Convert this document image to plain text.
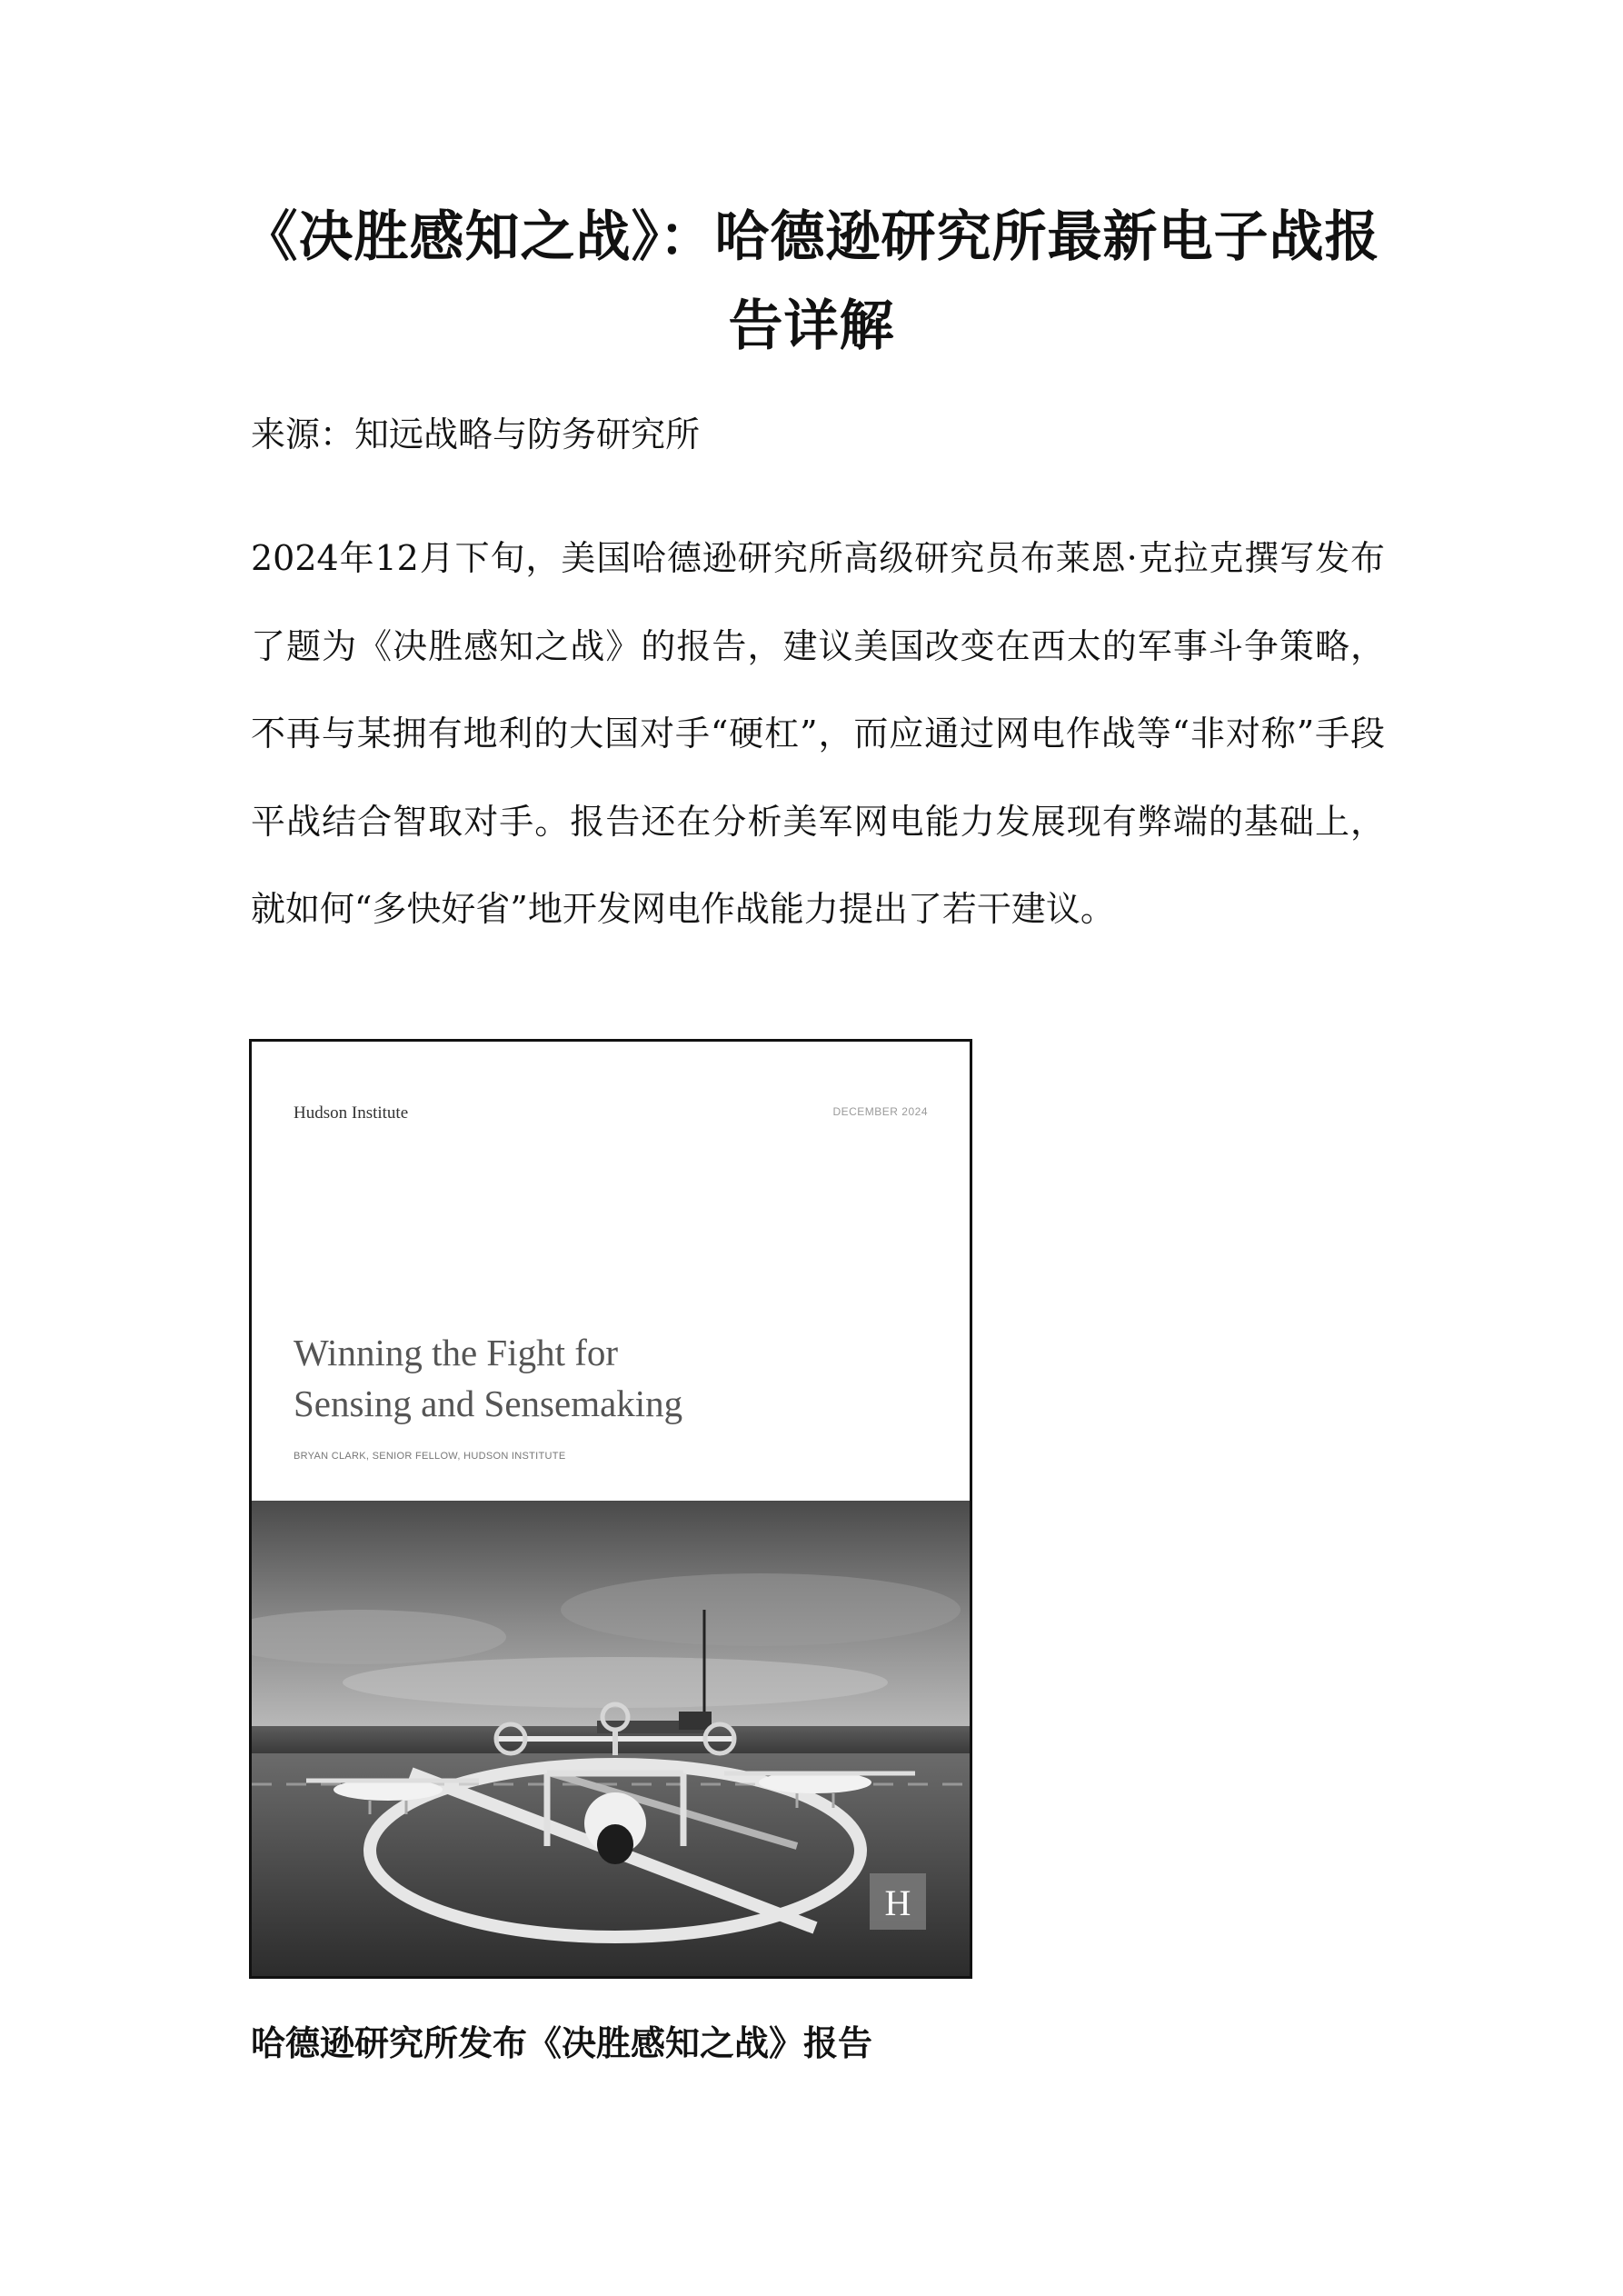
《决胜感知之战》：哈德逊研究所最新电子战报告详解

来源：知远战略与防务研究所

2024年12月下旬，美国哈德逊研究所高级研究员布莱恩·克拉克撰写发布了题为《决胜感知之战》的报告，建议美国改变在西太的军事斗争策略，不再与某拥有地利的大国对手“硬杠”，而应通过网电作战等“非对称”手段平战结合智取对手。报告还在分析美军网电能力发展现有弊端的基础上，就如何“多快好省”地开发网电作战能力提出了若干建议。

Hudson Institute	DECEMBER 2024
Winning the Fight for
Sensing and Sensemaking
BRYAN CLARK, SENIOR FELLOW, HUDSON INSTITUTE
H

哈德逊研究所发布《决胜感知之战》报告
